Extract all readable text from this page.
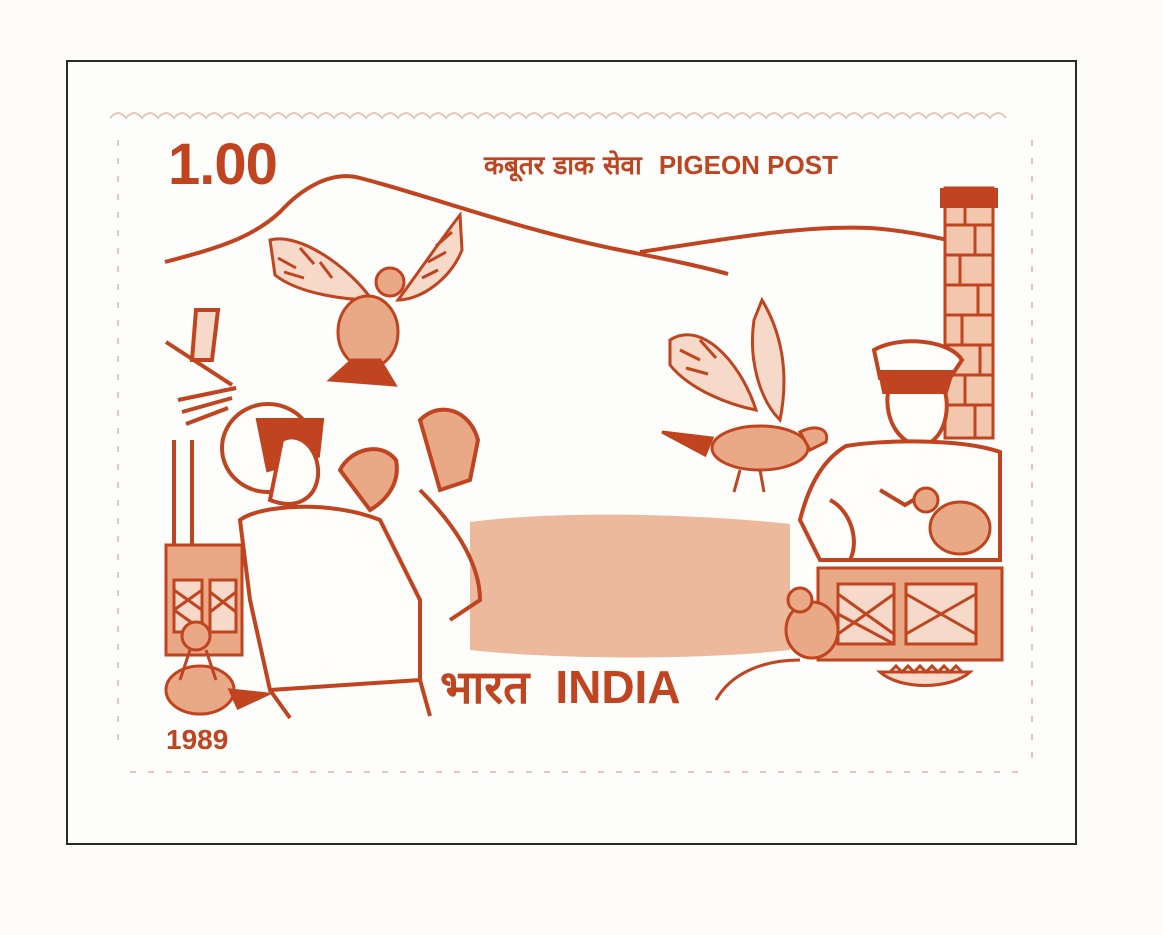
1.00	कबूतर डाक सेवा PIGEON POST
भारत INDIA
1989
